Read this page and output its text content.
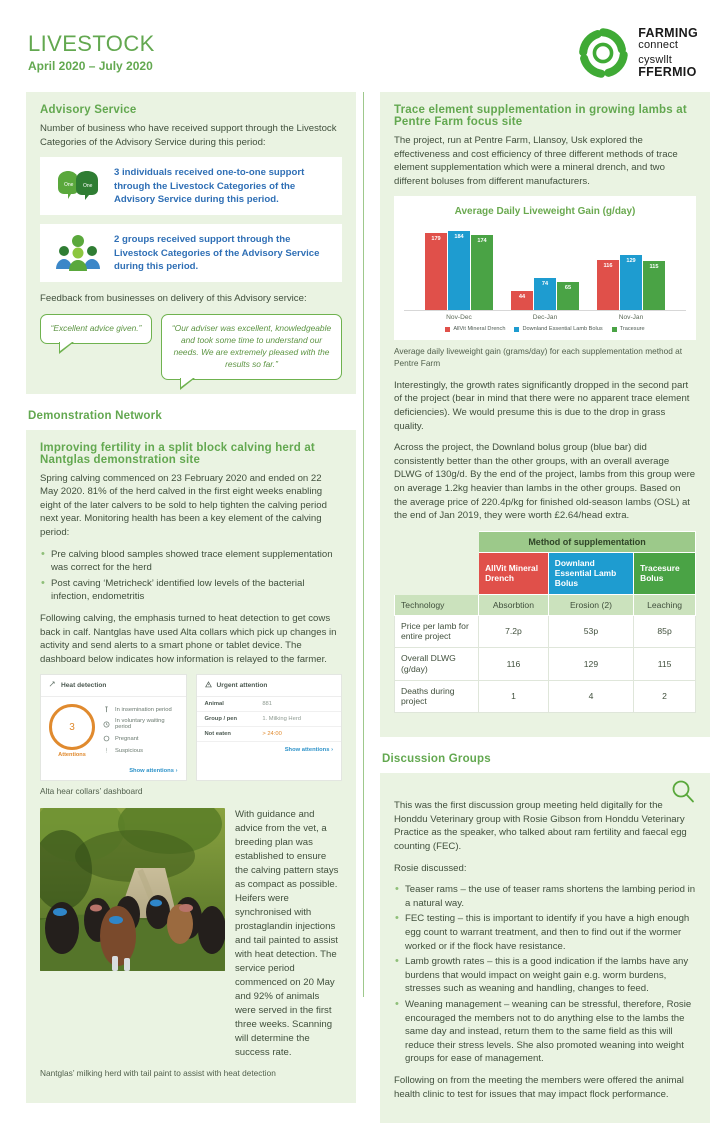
LIVESTOCK
April 2020 – July 2020
FARMING
connect
cyswllt
FFERMIO
Advisory Service

Number of business who have received support through the Livestock Categories of the Advisory Service during this period:

One One
2	3 individuals received one-to-one support through the Livestock Categories of the Advisory Service during this period.
2 groups received support through the Livestock Categories of the Advisory Service during this period.

Feedback from businesses on delivery of this Advisory service:

“Excellent advice given.”	“Our adviser was excellent, knowledgeable and took some time to understand our needs. We are extremely pleased with the results so far.”
Demonstration Network
Improving fertility in a split block calving herd at Nantglas demonstration site

Spring calving commenced on 23 February 2020 and ended on 22 May 2020. 81% of the herd calved in the first eight weeks enabling eight of the later calvers to be sold to help tighten the calving period next year. Monitoring health has been a key element of the calving period:

• Pre calving blood samples showed trace element supplementation was correct for the herd
• Post caving ‘Metricheck’ identified low levels of the bacterial infection, endometritis

Following calving, the emphasis turned to heat detection to get cows back in calf. Nantglas have used Alta collars which pick up changes in activity and send alerts to a smart phone or tablet device. The dashboard below indicates how information is relayed to the farmer.

Heat detection
3
Attentions
In insemination period
In voluntary waiting period
Pregnant
Suspicious
Show attentions ›
Urgent attention
Animal	881
Group / pen	1. Milking Herd
Not eaten	> 24:00
Show attentions ›
Alta hear collars’ dashboard
With guidance and advice from the vet, a breeding plan was established to ensure the calving pattern stays as compact as possible. Heifers were synchronised with prostaglandin injections and tail painted to assist with heat detection. The service period commenced on 20 May and 92% of animals were served in the first three weeks. Scanning will determine the success rate.
Nantglas’ milking herd with tail paint to assist with heat detection
Trace element supplementation in growing lambs at Pentre Farm focus site

The project, run at Pentre Farm, Llansoy, Usk explored the effectiveness and cost efficiency of three different methods of trace element supplementation which were a mineral drench, and two different boluses from different manufacturers.

Average Daily Liveweight Gain (g/day)
179	184
174
44
74
65
116
129
115
Nov-Dec	Dec-Jan	Nov-Jan
AllVit Mineral Drench	Downland Essential Lamb Bolus	Tracesure
Average daily liveweight gain (grams/day) for each supplementation method at Pentre Farm

Interestingly, the growth rates significantly dropped in the second part of the project (bear in mind that there were no apparent trace element deficiencies). We would presume this is due to the drop in grass quality.

Across the project, the Downland bolus group (blue bar) did consistently better than the other groups, with an overall average DLWG of 130g/d. By the end of the project, lambs from this group were on average 1.2kg heavier than lambs in the other groups. Based on the average price of 220.4p/kg for finished old-season lambs (OSL) at the end of Jan 2019, they were worth £2.64/head extra.

	Method of supplementation		
	AllVit Mineral Drench	Downland Essential Lamb Bolus	Tracesure Bolus
Technology	Absorbtion	Erosion (2)	Leaching
Price per lamb for entire project	7.2p	53p	85p
Overall DLWG (g/day)	116	129	115
Deaths during project	1	4	2
Discussion Groups

This was the first discussion group meeting held digitally for the Honddu Veterinary group with Rosie Gibson from Honddu Veterinary Practice as the speaker, who talked about ram fertility and faecal egg counting (FEC).

Rosie discussed:

• Teaser rams – the use of teaser rams shortens the lambing period in a natural way.
• FEC testing – this is important to identify if you have a high enough egg count to warrant treatment, and then to find out if the wormer worked or if the flock have resistance.
• Lamb growth rates – this is a good indication if the lambs have any burdens that would impact on weight gain e.g. worm burdens, stresses such as weaning and handling, changes to feed.
• Weaning management – weaning can be stressful, therefore, Rosie encouraged the members not to do anything else to the lambs the same day and instead, return them to the same field as this will reduce their stress levels. She also promoted weaning into weight groups for ease of management.

Following on from the meeting the members were offered the animal health clinic to test for issues that may impact flock performance.
